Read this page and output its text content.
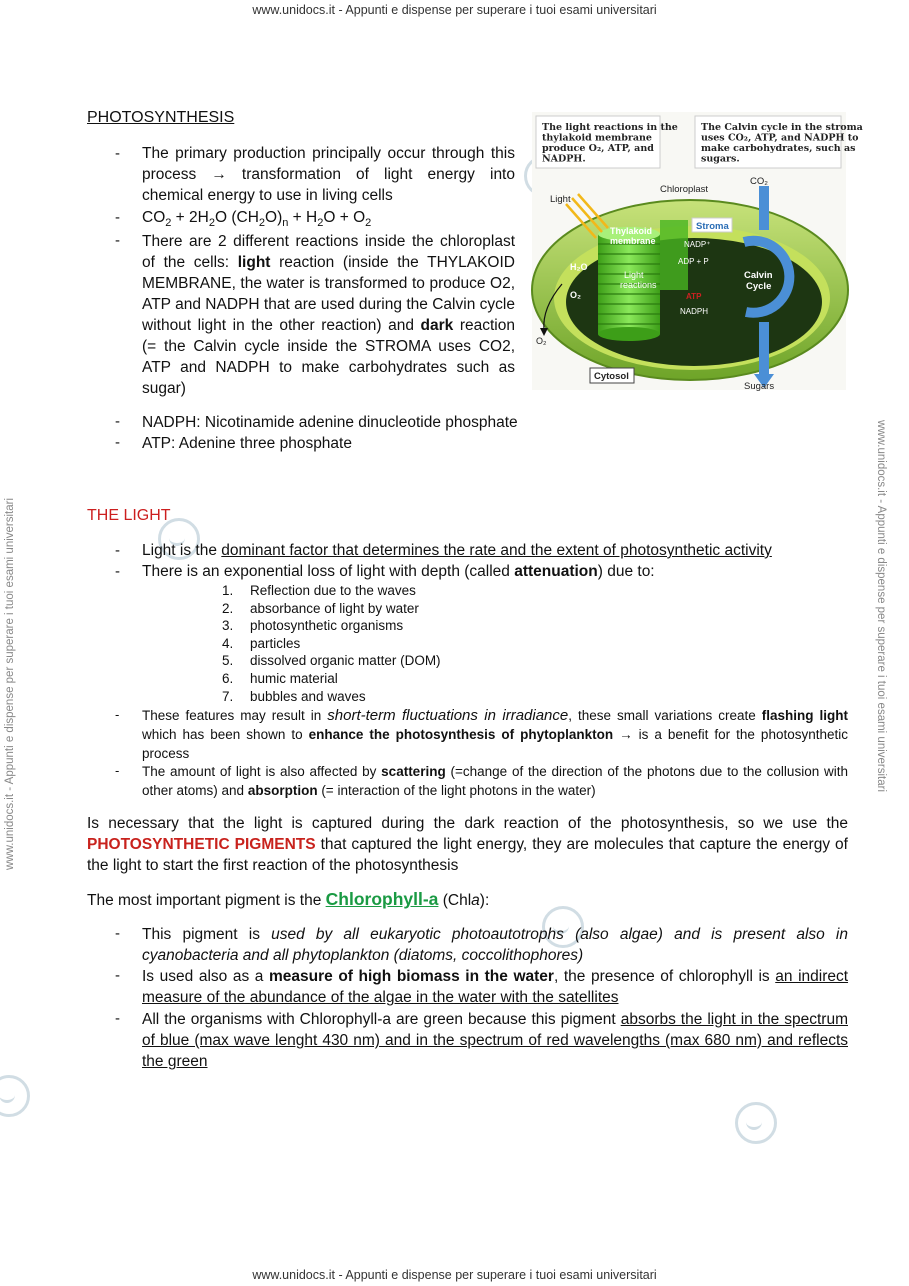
www.unidocs.it - Appunti e dispense per superare i tuoi esami universitari
www.unidocs.it - Appunti e dispense per superare i tuoi esami universitari
www.unidocs.it - Appunti e dispense per superare i tuoi esami universitari	www.unidocs.it - Appunti e dispense per superare i tuoi esami universitari
PHOTOSYNTHESIS
- The primary production principally occur through this process → transformation of light energy into chemical energy to use in living cells
- $CO_2 + 2H_2O$ $(CH_2O)_n + H_2O + O_2$
- There are 2 different reactions inside the chloroplast of the cells: light reaction (inside the THYLAKOID MEMBRANE, the water is transformed to produce O2, ATP and NADPH that are used during the Calvin cycle without light in the other reaction) and dark reaction (= the Calvin cycle inside the STROMA uses CO2, ATP and NADPH to make carbohydrates such as sugar)
- NADPH: Nicotinamide adenine dinucleotide phosphate
- ATP: Adenine three phosphate
The light reactions in the thylakoid membrane produce O₂, ATP, and NADPH.
The Calvin cycle in the stroma uses CO₂, ATP, and NADPH to make carbohydrates, such as sugars.
Chloroplast
CO₂
Light
Thylakoid membrane
Stroma
NADP⁺
ADP + P
H₂O
Light reactions
Calvin Cycle
O₂	ATP
NADPH
O₂
Cytosol
Sugars
THE LIGHT
- Light is the dominant factor that determines the rate and the extent of photosynthetic activity
- There is an exponential loss of light with depth (called attenuation) due to:
1. Reflection due to the waves
2. absorbance of light by water
3. photosynthetic organisms
4. particles
5. dissolved organic matter (DOM)
6. humic material
7. bubbles and waves
- These features may result in short-term fluctuations in irradiance, these small variations create flashing light which has been shown to enhance the photosynthesis of phytoplankton → is a benefit for the photosynthetic process
- The amount of light is also affected by scattering (=change of the direction of the photons due to the collusion with other atoms) and absorption (= interaction of the light photons in the water)
Is necessary that the light is captured during the dark reaction of the photosynthesis, so we use the PHOTOSYNTHETIC PIGMENTS that captured the light energy, they are molecules that capture the energy of the light to start the first reaction of the photosynthesis
The most important pigment is the Chlorophyll-a (Chla):
- This pigment is used by all eukaryotic photoautotrophs (also algae) and is present also in cyanobacteria and all phytoplankton (diatoms, coccolithophores)
- Is used also as a measure of high biomass in the water, the presence of chlorophyll is an indirect measure of the abundance of the algae in the water with the satellites
- All the organisms with Chlorophyll-a are green because this pigment absorbs the light in the spectrum of blue (max wave lenght 430 nm) and in the spectrum of red wavelengths (max 680 nm) and reflects the green
